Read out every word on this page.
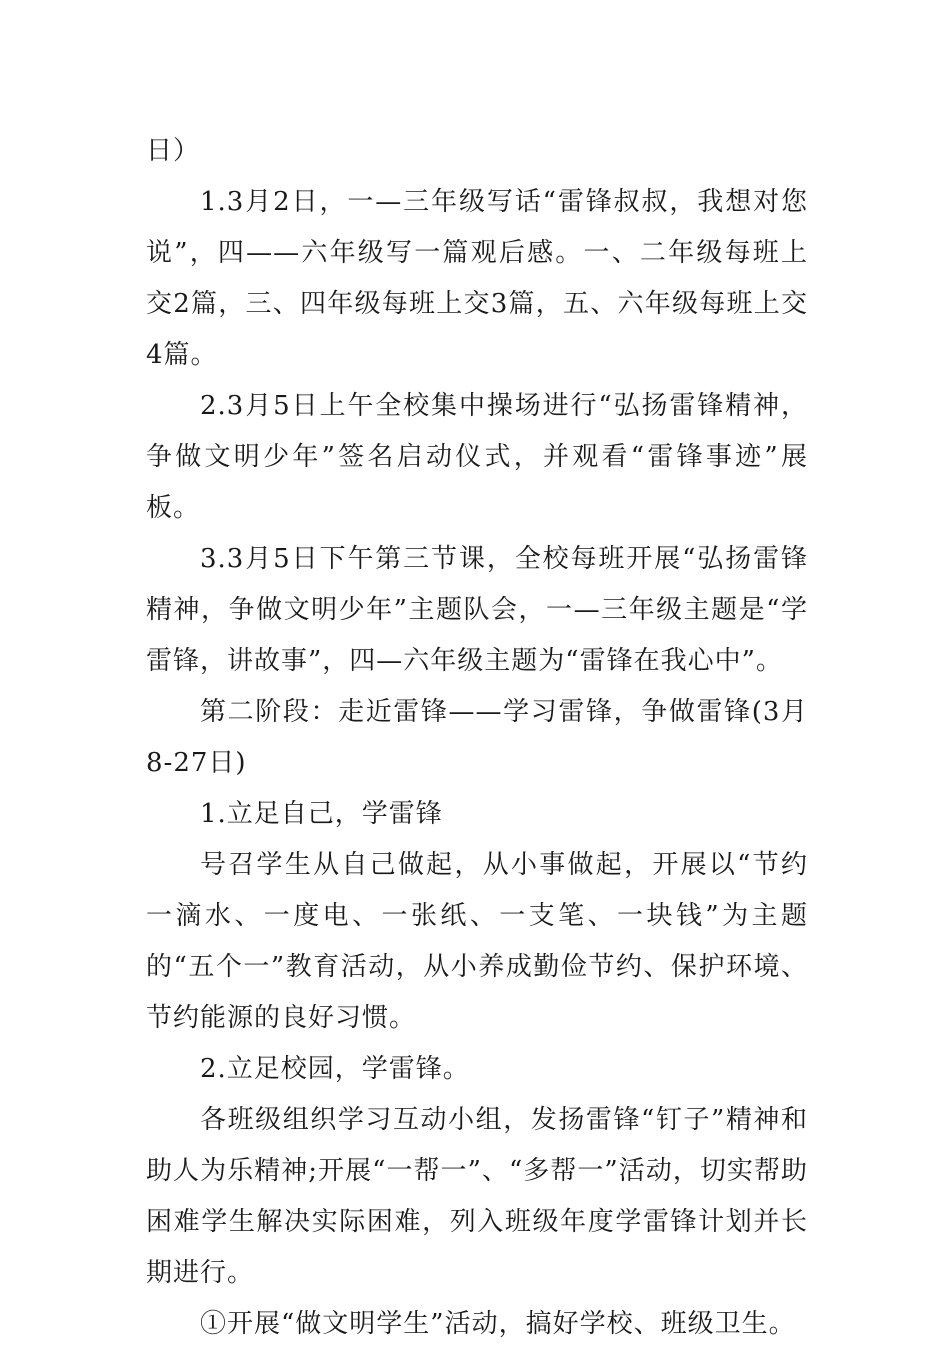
日）

1.3月2日，一—三年级写话“雷锋叔叔，我想对您说”，四——六年级写一篇观后感。一、二年级每班上交2篇，三、四年级每班上交3篇，五、六年级每班上交4篇。

2.3月5日上午全校集中操场进行“弘扬雷锋精神，争做文明少年”签名启动仪式，并观看“雷锋事迹”展板。

3.3月5日下午第三节课，全校每班开展“弘扬雷锋精神，争做文明少年”主题队会，一—三年级主题是“学雷锋，讲故事”，四—六年级主题为“雷锋在我心中”。

第二阶段：走近雷锋——学习雷锋，争做雷锋(3月8-27日)

1.立足自己，学雷锋

号召学生从自己做起，从小事做起，开展以“节约一滴水、一度电、一张纸、一支笔、一块钱”为主题的“五个一”教育活动，从小养成勤俭节约、保护环境、节约能源的良好习惯。

2.立足校园，学雷锋。

各班级组织学习互动小组，发扬雷锋“钉子”精神和助人为乐精神;开展“一帮一”、“多帮一”活动，切实帮助困难学生解决实际困难，列入班级年度学雷锋计划并长期进行。

①开展“做文明学生”活动，搞好学校、班级卫生。
